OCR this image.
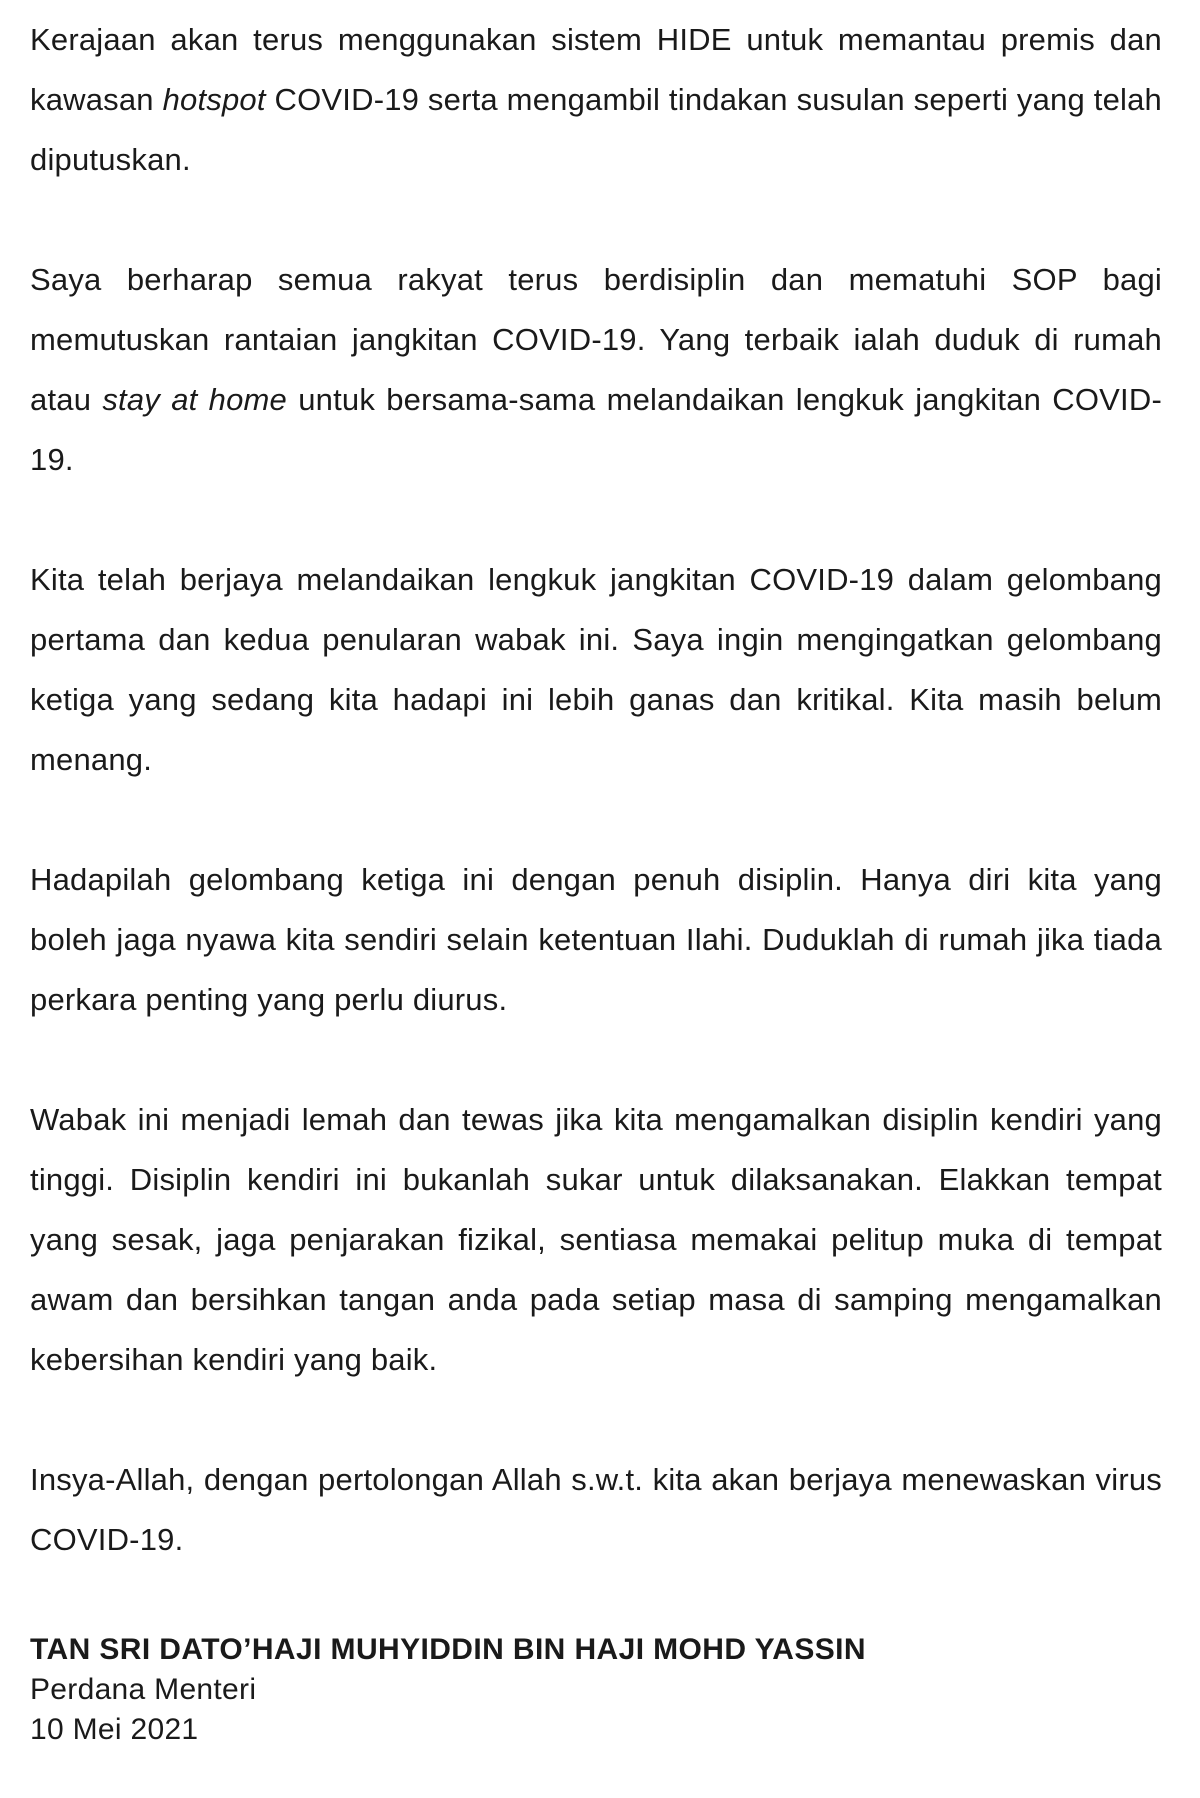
Kerajaan akan terus menggunakan sistem HIDE untuk memantau premis dan kawasan hotspot COVID-19 serta mengambil tindakan susulan seperti yang telah diputuskan.

Saya berharap semua rakyat terus berdisiplin dan mematuhi SOP bagi memutuskan rantaian jangkitan COVID-19. Yang terbaik ialah duduk di rumah atau stay at home untuk bersama-sama melandaikan lengkuk jangkitan COVID-19.

Kita telah berjaya melandaikan lengkuk jangkitan COVID-19 dalam gelombang pertama dan kedua penularan wabak ini. Saya ingin mengingatkan gelombang ketiga yang sedang kita hadapi ini lebih ganas dan kritikal. Kita masih belum menang.

Hadapilah gelombang ketiga ini dengan penuh disiplin. Hanya diri kita yang boleh jaga nyawa kita sendiri selain ketentuan Ilahi. Duduklah di rumah jika tiada perkara penting yang perlu diurus.

Wabak ini menjadi lemah dan tewas jika kita mengamalkan disiplin kendiri yang tinggi. Disiplin kendiri ini bukanlah sukar untuk dilaksanakan. Elakkan tempat yang sesak, jaga penjarakan fizikal, sentiasa memakai pelitup muka di tempat awam dan bersihkan tangan anda pada setiap masa di samping mengamalkan kebersihan kendiri yang baik.

Insya-Allah, dengan pertolongan Allah s.w.t. kita akan berjaya menewaskan virus COVID-19.

TAN SRI DATO’HAJI MUHYIDDIN BIN HAJI MOHD YASSIN
Perdana Menteri
10 Mei 2021
